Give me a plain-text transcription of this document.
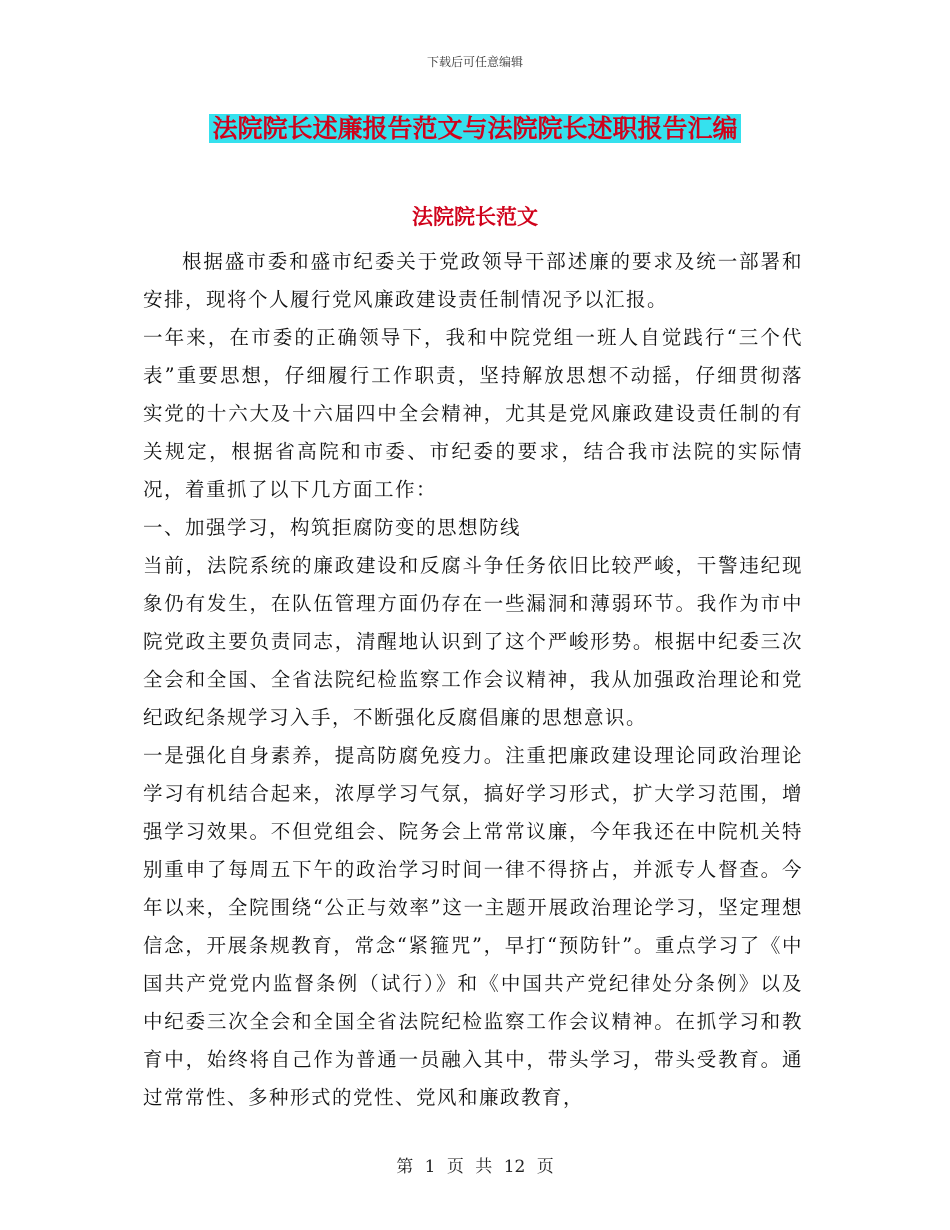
下载后可任意编辑
法院院长述廉报告范文与法院院长述职报告汇编
法院院长范文

根据盛市委和盛市纪委关于党政领导干部述廉的要求及统一部署和安排，现将个人履行党风廉政建设责任制情况予以汇报。

一年来，在市委的正确领导下，我和中院党组一班人自觉践行“三个代表”重要思想，仔细履行工作职责，坚持解放思想不动摇，仔细贯彻落实党的十六大及十六届四中全会精神，尤其是党风廉政建设责任制的有关规定，根据省高院和市委、市纪委的要求，结合我市法院的实际情况，着重抓了以下几方面工作：

一、加强学习，构筑拒腐防变的思想防线

当前，法院系统的廉政建设和反腐斗争任务依旧比较严峻，干警违纪现象仍有发生，在队伍管理方面仍存在一些漏洞和薄弱环节。我作为市中院党政主要负责同志，清醒地认识到了这个严峻形势。根据中纪委三次全会和全国、全省法院纪检监察工作会议精神，我从加强政治理论和党纪政纪条规学习入手，不断强化反腐倡廉的思想意识。

一是强化自身素养，提高防腐免疫力。注重把廉政建设理论同政治理论学习有机结合起来，浓厚学习气氛，搞好学习形式，扩大学习范围，增强学习效果。不但党组会、院务会上常常议廉，今年我还在中院机关特别重申了每周五下午的政治学习时间一律不得挤占，并派专人督查。今年以来，全院围绕“公正与效率”这一主题开展政治理论学习，坚定理想信念，开展条规教育，常念“紧箍咒”，早打“预防针”。重点学习了《中国共产党党内监督条例（试行）》和《中国共产党纪律处分条例》以及中纪委三次全会和全国全省法院纪检监察工作会议精神。在抓学习和教育中，始终将自己作为普通一员融入其中，带头学习，带头受教育。通过常常性、多种形式的党性、党风和廉政教育，

第 1 页 共 12 页
